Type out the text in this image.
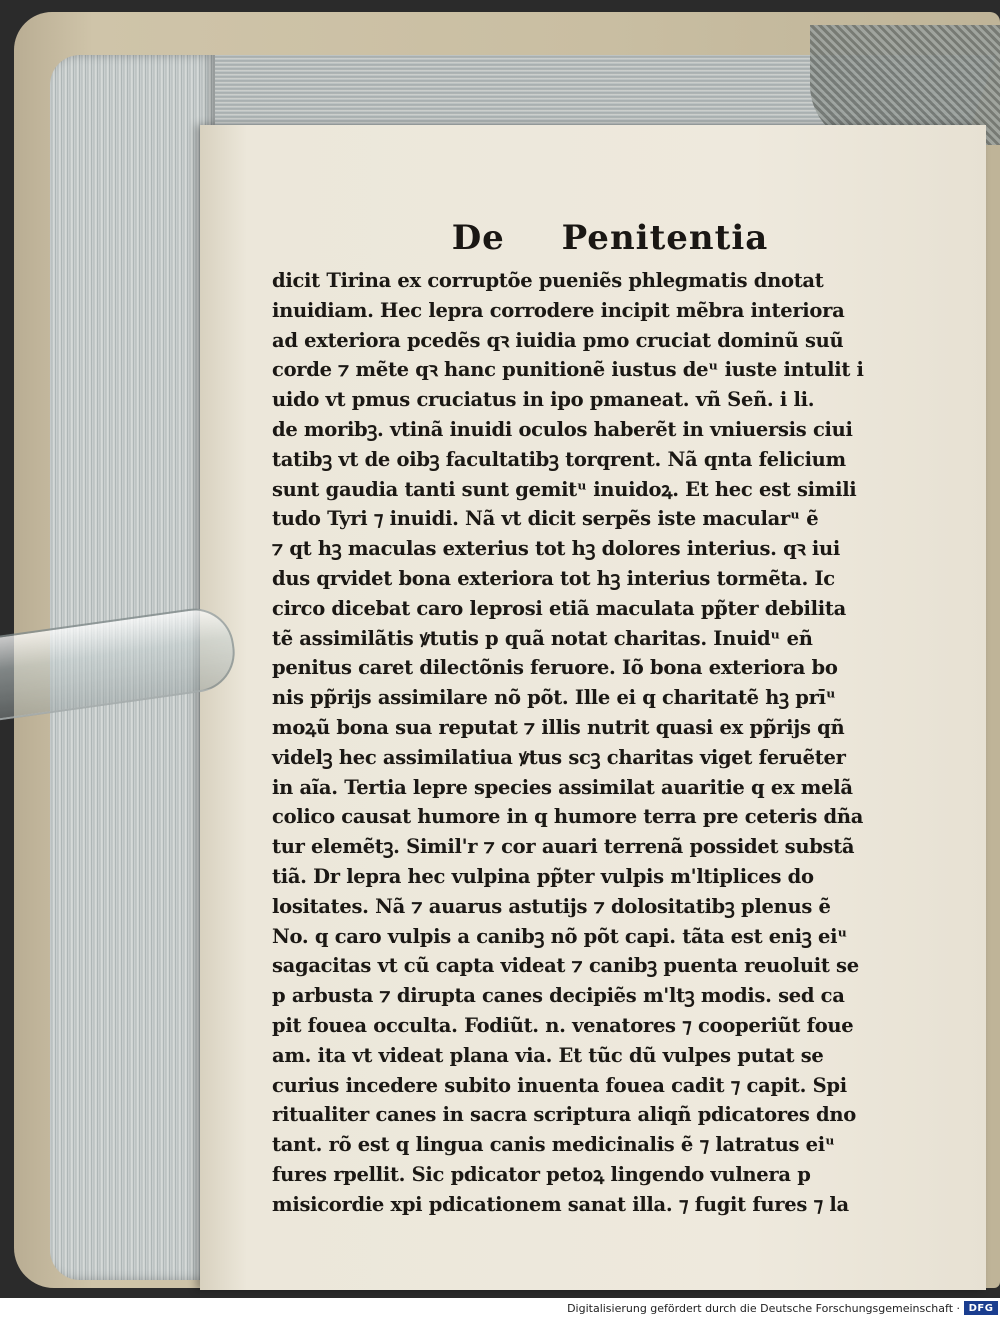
De Penitentia
dicit Tirina ex corruptõe pueniẽs phlegmatis dnotat
inuidiam. Hec lepra corrodere incipit mẽbra interiora
ad exteriora pcedẽs qꝛ iuidia pmo cruciat dominũ suũ
corde ⁊ mẽte qꝛ hanc punitionẽ iustus deᵘ iuste intulit i
uido vt pmus cruciatus in ipo pmaneat. vñ Señ. i li.
de moribꝫ. vtinã inuidi oculos haberẽt in vniuersis ciui
tatibꝫ vt de oibꝫ facultatibꝫ torqrent. Nã qnta felicium
sunt gaudia tanti sunt gemitᵘ inuidoꝝ. Et hec est simili
tudo Tyri ⁊ inuidi. Nã vt dicit serpẽs iste macularᵘ ẽ
⁊ qt hꝫ maculas exterius tot hꝫ dolores interius. qꝛ iui
dus qrvidet bona exteriora tot hꝫ interius tormẽta. Ic
circo dicebat caro leprosi etiã maculata pp̃ter debilita
tẽ assimilãtis ꝟtutis p quã notat charitas. Inuidᵘ eñ
penitus caret dilectõnis feruore. Iõ bona exteriora bo
nis pp̃rijs assimilare nõ põt. Ille ei q charitatẽ hꝫ prīᵘ
moꝝũ bona sua reputat ⁊ illis nutrit quasi ex pp̃rijs qñ
videlꝫ hec assimilatiua ꝟtus scꝫ charitas viget feruẽter
in aĩa. Tertia lepre species assimilat auaritie q ex melã
colico causat humore in q humore terra pre ceteris dña
tur elemẽtꝫ. Simil'r ⁊ cor auari terrenã possidet substã
tiã. Dr lepra hec vulpina pp̃ter vulpis m'ltiplices do
lositates. Nã ⁊ auarus astutijs ⁊ dolositatibꝫ plenus ẽ
No. q caro vulpis a canibꝫ nõ põt capi. tãta est eniꝫ eiᵘ
sagacitas vt cũ capta videat ⁊ canibꝫ puenta reuoluit se
p arbusta ⁊ dirupta canes decipiẽs m'ltꝫ modis. sed ca
pit fouea occulta. Fodiũt. n. venatores ⁊ cooperiũt foue
am. ita vt videat plana via. Et tũc dũ vulpes putat se
curius incedere subito inuenta fouea cadit ⁊ capit. Spi
ritualiter canes in sacra scriptura aliqñ pdicatores dno
tant. rõ est q lingua canis medicinalis ẽ ⁊ latratus eiᵘ
fures rpellit. Sic pdicator petoꝝ lingendo vulnera p
misicordie xpi pdicationem sanat illa. ⁊ fugit fures ⁊ la
Digitalisierung gefördert durch die Deutsche Forschungsgemeinschaft · DFG
